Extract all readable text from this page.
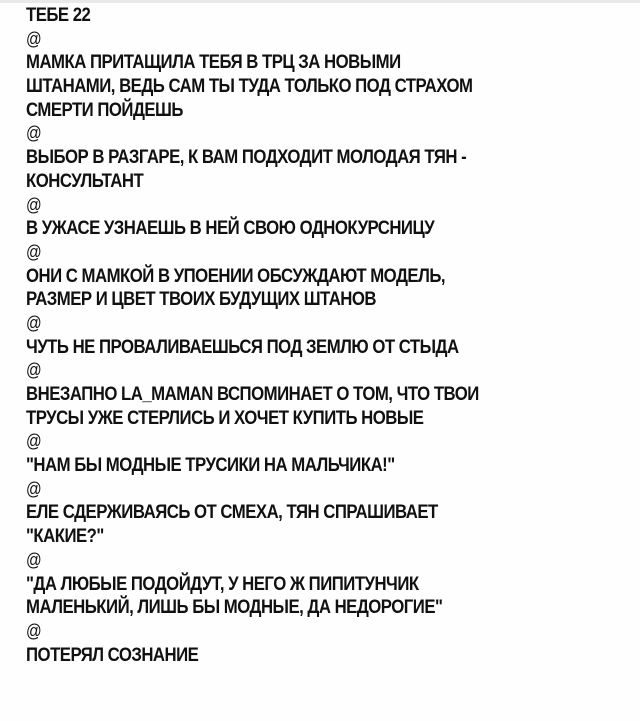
ТЕБЕ 22
@
МАМКА ПРИТАЩИЛА ТЕБЯ В ТРЦ ЗА НОВЫМИ
ШТАНАМИ, ВЕДЬ САМ ТЫ ТУДА ТОЛЬКО ПОД СТРАХОМ
СМЕРТИ ПОЙДЕШЬ
@
ВЫБОР В РАЗГАРЕ, К ВАМ ПОДХОДИТ МОЛОДАЯ ТЯН -
КОНСУЛЬТАНТ
@
В УЖАСЕ УЗНАЕШЬ В НЕЙ СВОЮ ОДНОКУРСНИЦУ
@
ОНИ С МАМКОЙ В УПОЕНИИ ОБСУЖДАЮТ МОДЕЛЬ,
РАЗМЕР И ЦВЕТ ТВОИХ БУДУЩИХ ШТАНОВ
@
ЧУТЬ НЕ ПРОВАЛИВАЕШЬСЯ ПОД ЗЕМЛЮ ОТ СТЫДА
@
ВНЕЗАПНО LA_MAMAN ВСПОМИНАЕТ О ТОМ, ЧТО ТВОИ
ТРУСЫ УЖЕ СТЕРЛИСЬ И ХОЧЕТ КУПИТЬ НОВЫЕ
@
"НАМ БЫ МОДНЫЕ ТРУСИКИ НА МАЛЬЧИКА!"
@
ЕЛЕ СДЕРЖИВАЯСЬ ОТ СМЕХА, ТЯН СПРАШИВАЕТ
"КАКИЕ?"
@
"ДА ЛЮБЫЕ ПОДОЙДУТ, У НЕГО Ж ПИПИТУНЧИК
МАЛЕНЬКИЙ, ЛИШЬ БЫ МОДНЫЕ, ДА НЕДОРОГИЕ"
@
ПОТЕРЯЛ СОЗНАНИЕ
